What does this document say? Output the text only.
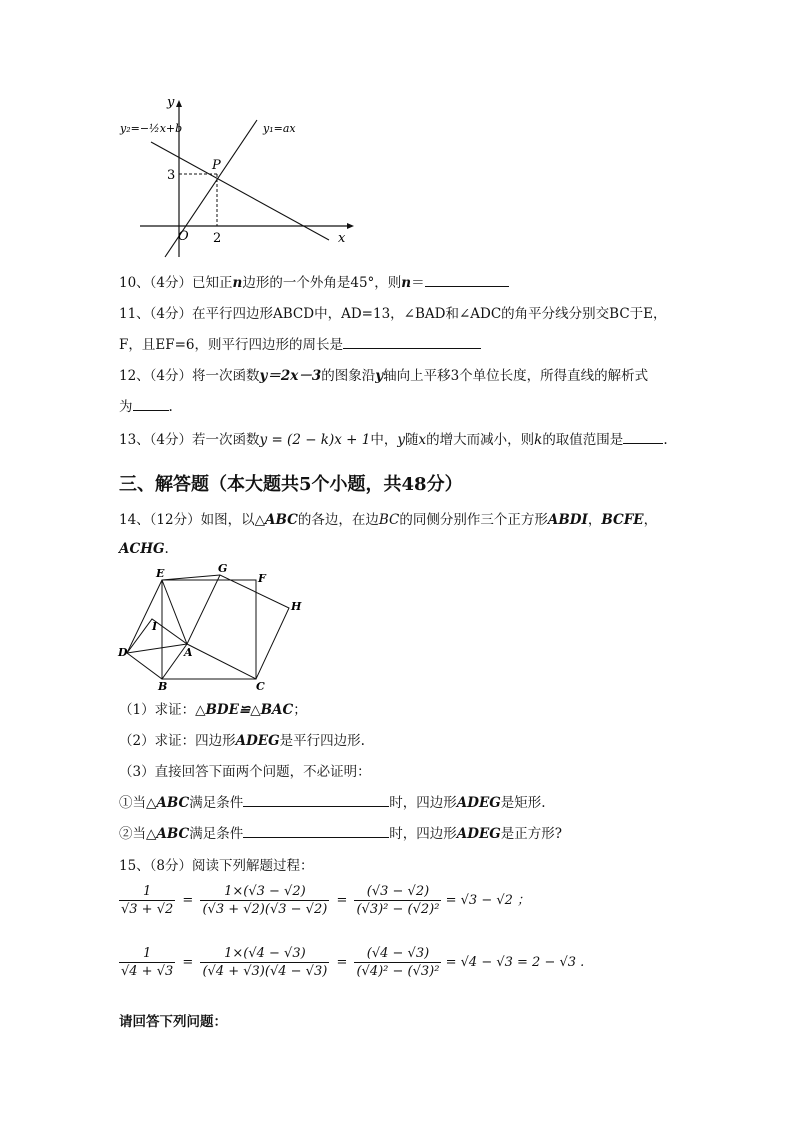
y
x
O
P
2
3
y₂=−½x+b	y₁=ax
10、（4分）已知正n边形的一个外角是45°，则n＝
11、（4分）在平行四边形ABCD中，AD=13，∠BAD和∠ADC的角平分线分别交BC于E，
F，且EF=6，则平行四边形的周长是
12、（4分）将一次函数y＝2x－3的图象沿y轴向上平移3个单位长度，所得直线的解析式
为	.
13、（4分）若一次函数y = (2 − k)x + 1中，y随x的增大而减小，则k的取值范围是	.
三、解答题（本大题共5个小题，共48分）
14、（12分）如图，以△ABC的各边，在边BC的同侧分别作三个正方形ABDI，BCFE，
ACHG.
E	G
F
H
I
D	A
B	C
（1）求证：△BDE≌△BAC；
（2）求证：四边形ADEG是平行四边形.
（3）直接回答下面两个问题，不必证明：
①当△ABC满足条件	时，四边形ADEG是矩形.
②当△ABC满足条件	时，四边形ADEG是正方形?
15、（8分）阅读下列解题过程：
$\frac{1}{√3 + √2} = \frac{1\times(√3 - √2)}{(√3 + √2)(√3 - √2)} = \frac{(√3 - √2)}{\text{(√3)² − (√2)²}} = √3 - √2$ ；
$\frac{1}{√4 + √3} = \frac{1\times(√4 - √3)}{(√4 + √3)(√4 - √3)} = \frac{(√4 - √3)}{\text{(√4)² − (√3)²}} = √4 - √3 = 2 - √3$ .
请回答下列问题：
